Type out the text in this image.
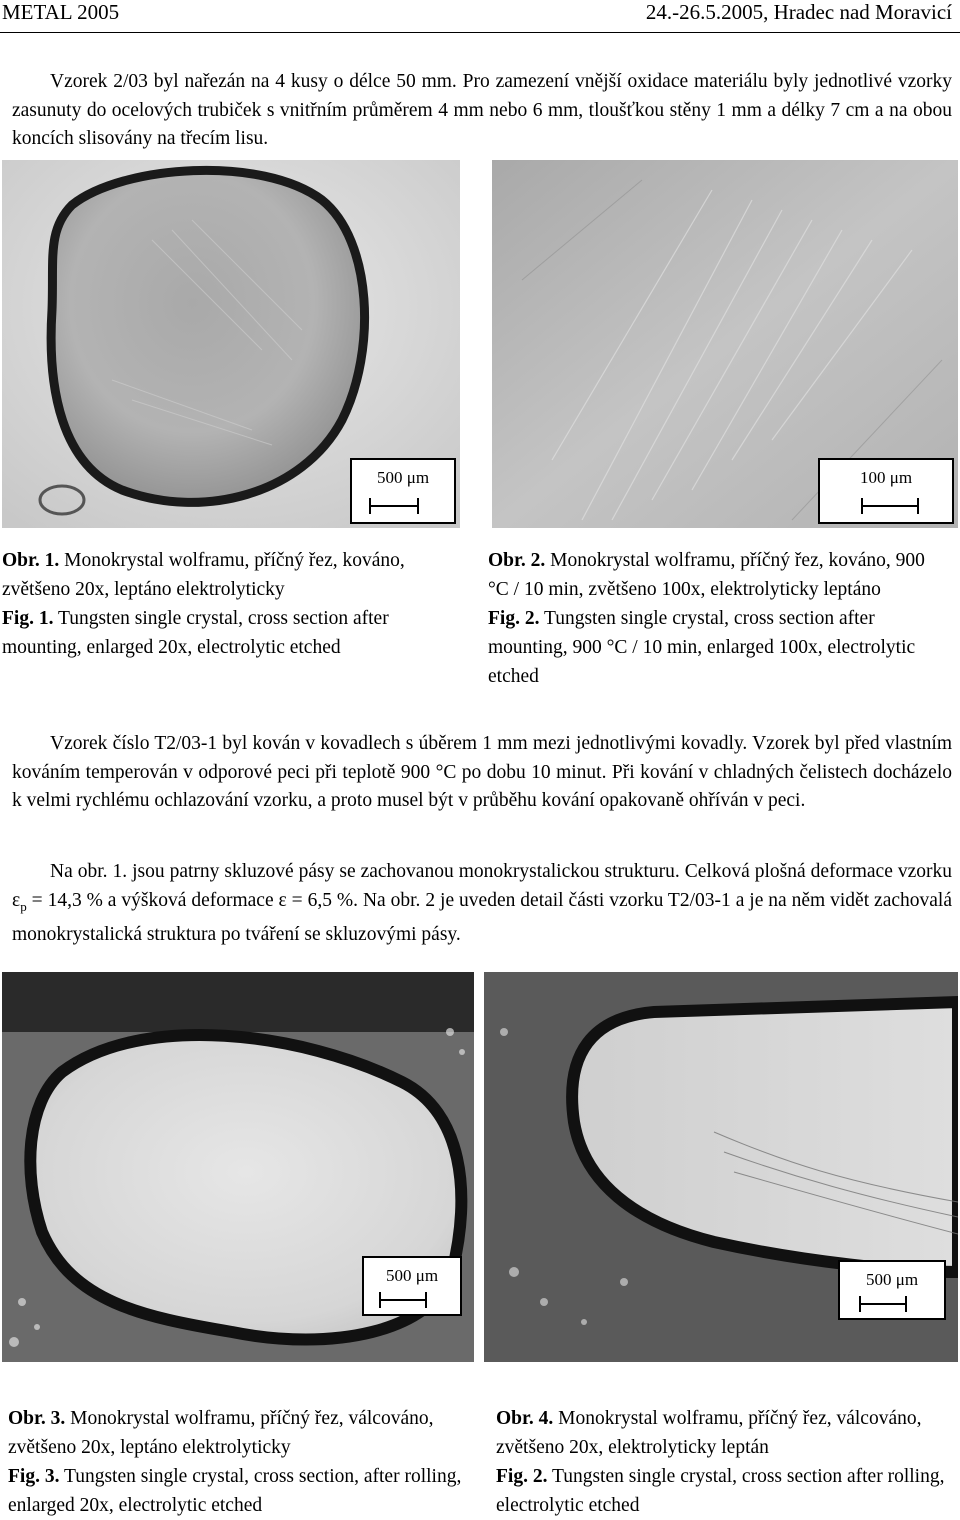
METAL 2005	24.-26.5.2005, Hradec nad Moravicí
Vzorek 2/03 byl nařezán na 4 kusy o délce 50 mm. Pro zamezení vnější oxidace materiálu byly jednotlivé vzorky zasunuty do ocelových trubiček s vnitřním průměrem 4 mm nebo 6 mm, tloušťkou stěny 1 mm a délky 7 cm a na obou koncích slisovány na třecím lisu.
500 μm	100 μm
Obr. 1. Monokrystal wolframu, příčný řez, kováno, zvětšeno 20x, leptáno elektrolyticky
Fig. 1. Tungsten single crystal, cross section after mounting, enlarged 20x, electrolytic etched
Obr. 2. Monokrystal wolframu, příčný řez, kováno, 900 °C / 10 min, zvětšeno 100x, elektrolyticky leptáno
Fig. 2. Tungsten single crystal, cross section after mounting, 900 °C / 10 min, enlarged 100x, electrolytic etched
Vzorek číslo T2/03-1 byl kován v kovadlech s úběrem 1 mm mezi jednotlivými kovadly. Vzorek byl před vlastním kováním temperován v odporové peci při teplotě 900 °C po dobu 10 minut. Při kování v chladných čelistech docházelo k velmi rychlému ochlazování vzorku, a proto musel být v průběhu kování opakovaně ohříván v peci.
Na obr. 1. jsou patrny skluzové pásy se zachovanou monokrystalickou strukturu. Celková plošná deformace vzorku $\varepsilon_p = 14,3$ % a výšková deformace ε = 6,5 %. Na obr. 2 je uveden detail části vzorku T2/03-1 a je na něm vidět zachovalá monokrystalická struktura po tváření se skluzovými pásy.
500 μm	500 μm
Obr. 3. Monokrystal wolframu, příčný řez, válcováno, zvětšeno 20x, leptáno elektrolyticky
Fig. 3. Tungsten single crystal, cross section, after rolling, enlarged 20x, electrolytic etched
Obr. 4. Monokrystal wolframu, příčný řez, válcováno, zvětšeno 20x, elektrolyticky leptán
Fig. 2. Tungsten single crystal, cross section after rolling, electrolytic etched
